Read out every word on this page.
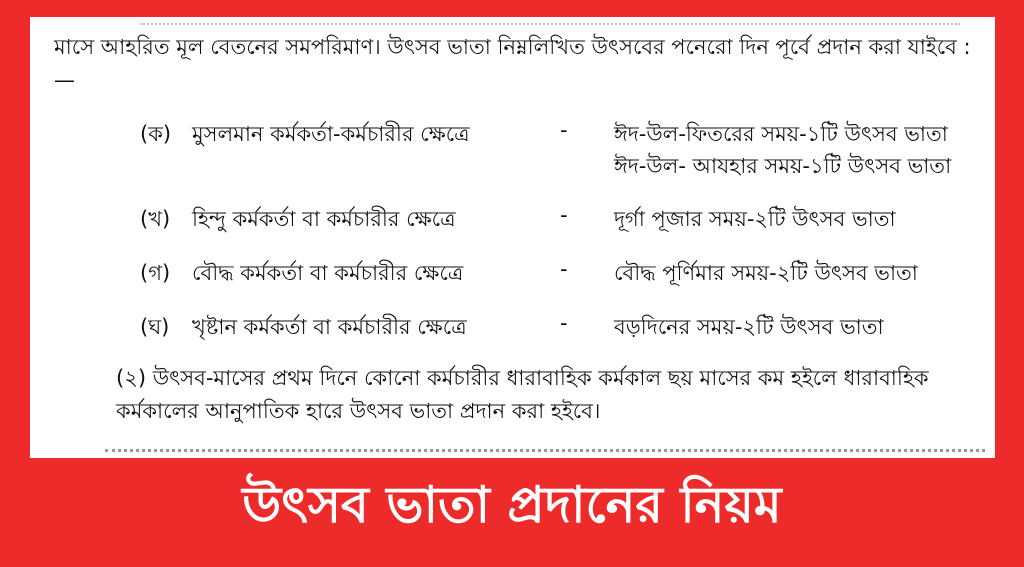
মাসে আহরিত মূল বেতনের সমপরিমাণ। উৎসব ভাতা নিম্নলিখিত উৎসবের পনেরো দিন পূর্বে প্রদান করা যাইবে :—
(ক) মুসলমান কর্মকর্তা-কর্মচারীর ক্ষেত্রে	- ঈদ-উল-ফিতরের সময়-১টি উৎসব ভাতা
ঈদ-উল- আযহার সময়-১টি উৎসব ভাতা
(খ) হিন্দু কর্মকর্তা বা কর্মচারীর ক্ষেত্রে	- দূর্গা পূজার সময়-২টি উৎসব ভাতা
(গ) বৌদ্ধ কর্মকর্তা বা কর্মচারীর ক্ষেত্রে	- বৌদ্ধ পূর্ণিমার সময়-২টি উৎসব ভাতা
(ঘ) খৃষ্টান কর্মকর্তা বা কর্মচারীর ক্ষেত্রে	- বড়দিনের সময়-২টি উৎসব ভাতা
(২) উৎসব-মাসের প্রথম দিনে কোনো কর্মচারীর ধারাবাহিক কর্মকাল ছয় মাসের কম হইলে ধারাবাহিক কর্মকালের আনুপাতিক হারে উৎসব ভাতা প্রদান করা হইবে।
উৎসব ভাতা প্রদানের নিয়ম
